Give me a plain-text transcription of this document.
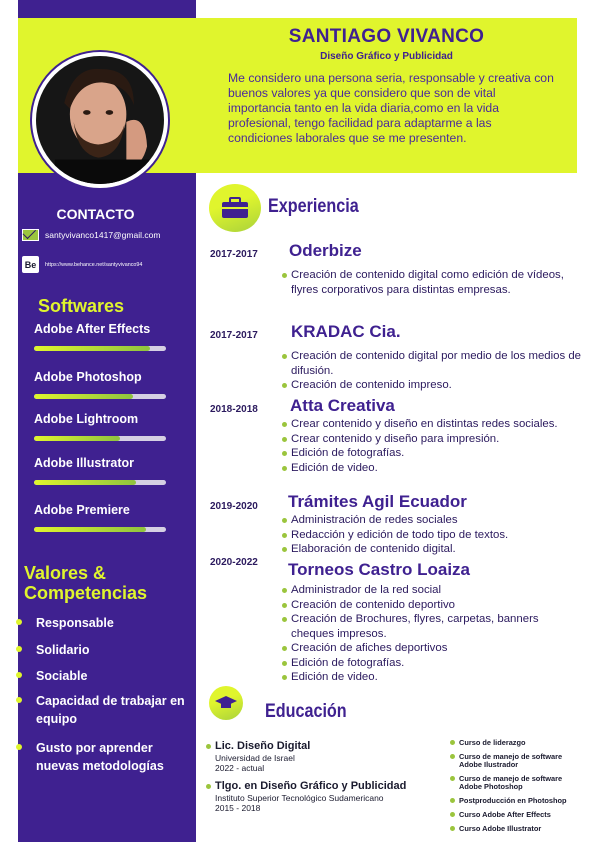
SANTIAGO VIVANCO
Diseño Gráfico y Publicidad
Me considero una persona seria, responsable y creativa con buenos valores ya que considero que son de vital importancia tanto en la vida diaria,como en la vida profesional, tengo facilidad para adaptarme a las condiciones laborales que se me presenten.
CONTACTO
santyvivanco1417@gmail.com
Be	https://www.behance.net/santyvivanco94
Softwares
Adobe After Effects
Adobe Photoshop
Adobe Lightroom
Adobe Illustrator
Adobe Premiere
Valores &
Competencias
Responsable
Solidario
Sociable
Capacidad de trabajar en equipo
Gusto por aprender nuevas metodologías
Experiencia
2017-2017	Oderbize
Creación de contenido digital como edición de vídeos, flyres corporativos para distintas empresas.
2017-2017	KRADAC Cia.
Creación de contenido digital por medio de los medios de difusión.
Creación de contenido impreso.
2018-2018	Atta Creativa
Crear contenido y diseño en distintas redes sociales.
Crear contenido y diseño para impresión.
Edición de fotografías.
Edición de video.
2019-2020	Trámites Agil Ecuador
Administración de redes sociales
Redacción y edición de todo tipo de textos.
Elaboración de contenido digital.
2020-2022	Torneos Castro Loaiza
Administrador de la red social
Creación de contenido deportivo
Creación de Brochures, flyres, carpetas, banners cheques impresos.
Creación de afiches deportivos
Edición de fotografías.
Edición de video.
Educación
Lic. Diseño Digital
Universidad de Israel
2022 - actual
Tlgo. en Diseño Gráfico y Publicidad
Instituto Superior Tecnológico Sudamericano
2015 - 2018
Curso de liderazgo
Curso de manejo de software Adobe Ilustrador
Curso de manejo de software Adobe Photoshop
Postproducción en Photoshop
Curso Adobe After Effects
Curso Adobe Illustrator
